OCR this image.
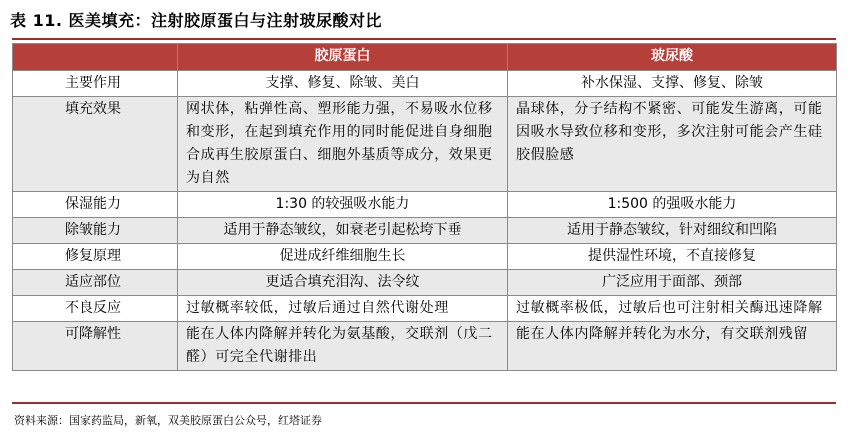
表 11. 医美填充：注射胶原蛋白与注射玻尿酸对比
	胶原蛋白	玻尿酸
主要作用	支撑、修复、除皱、美白	补水保湿、支撑、修复、除皱
填充效果	网状体，粘弹性高、塑形能力强，不易吸水位移和变形，在起到填充作用的同时能促进自身细胞合成再生胶原蛋白、细胞外基质等成分，效果更为自然	晶球体，分子结构不紧密、可能发生游离，可能因吸水导致位移和变形，多次注射可能会产生硅胶假脸感
保湿能力	1:30 的较强吸水能力	1:500 的强吸水能力
除皱能力	适用于静态皱纹，如衰老引起松垮下垂	适用于静态皱纹，针对细纹和凹陷
修复原理	促进成纤维细胞生长	提供湿性环境，不直接修复
适应部位	更适合填充泪沟、法令纹	广泛应用于面部、颈部
不良反应	过敏概率较低，过敏后通过自然代谢处理	过敏概率极低，过敏后也可注射相关酶迅速降解
可降解性	能在人体内降解并转化为氨基酸，交联剂（戊二醛）可完全代谢排出	能在人体内降解并转化为水分，有交联剂残留
资料来源：国家药监局，新氧，双美胶原蛋白公众号，红塔证券
